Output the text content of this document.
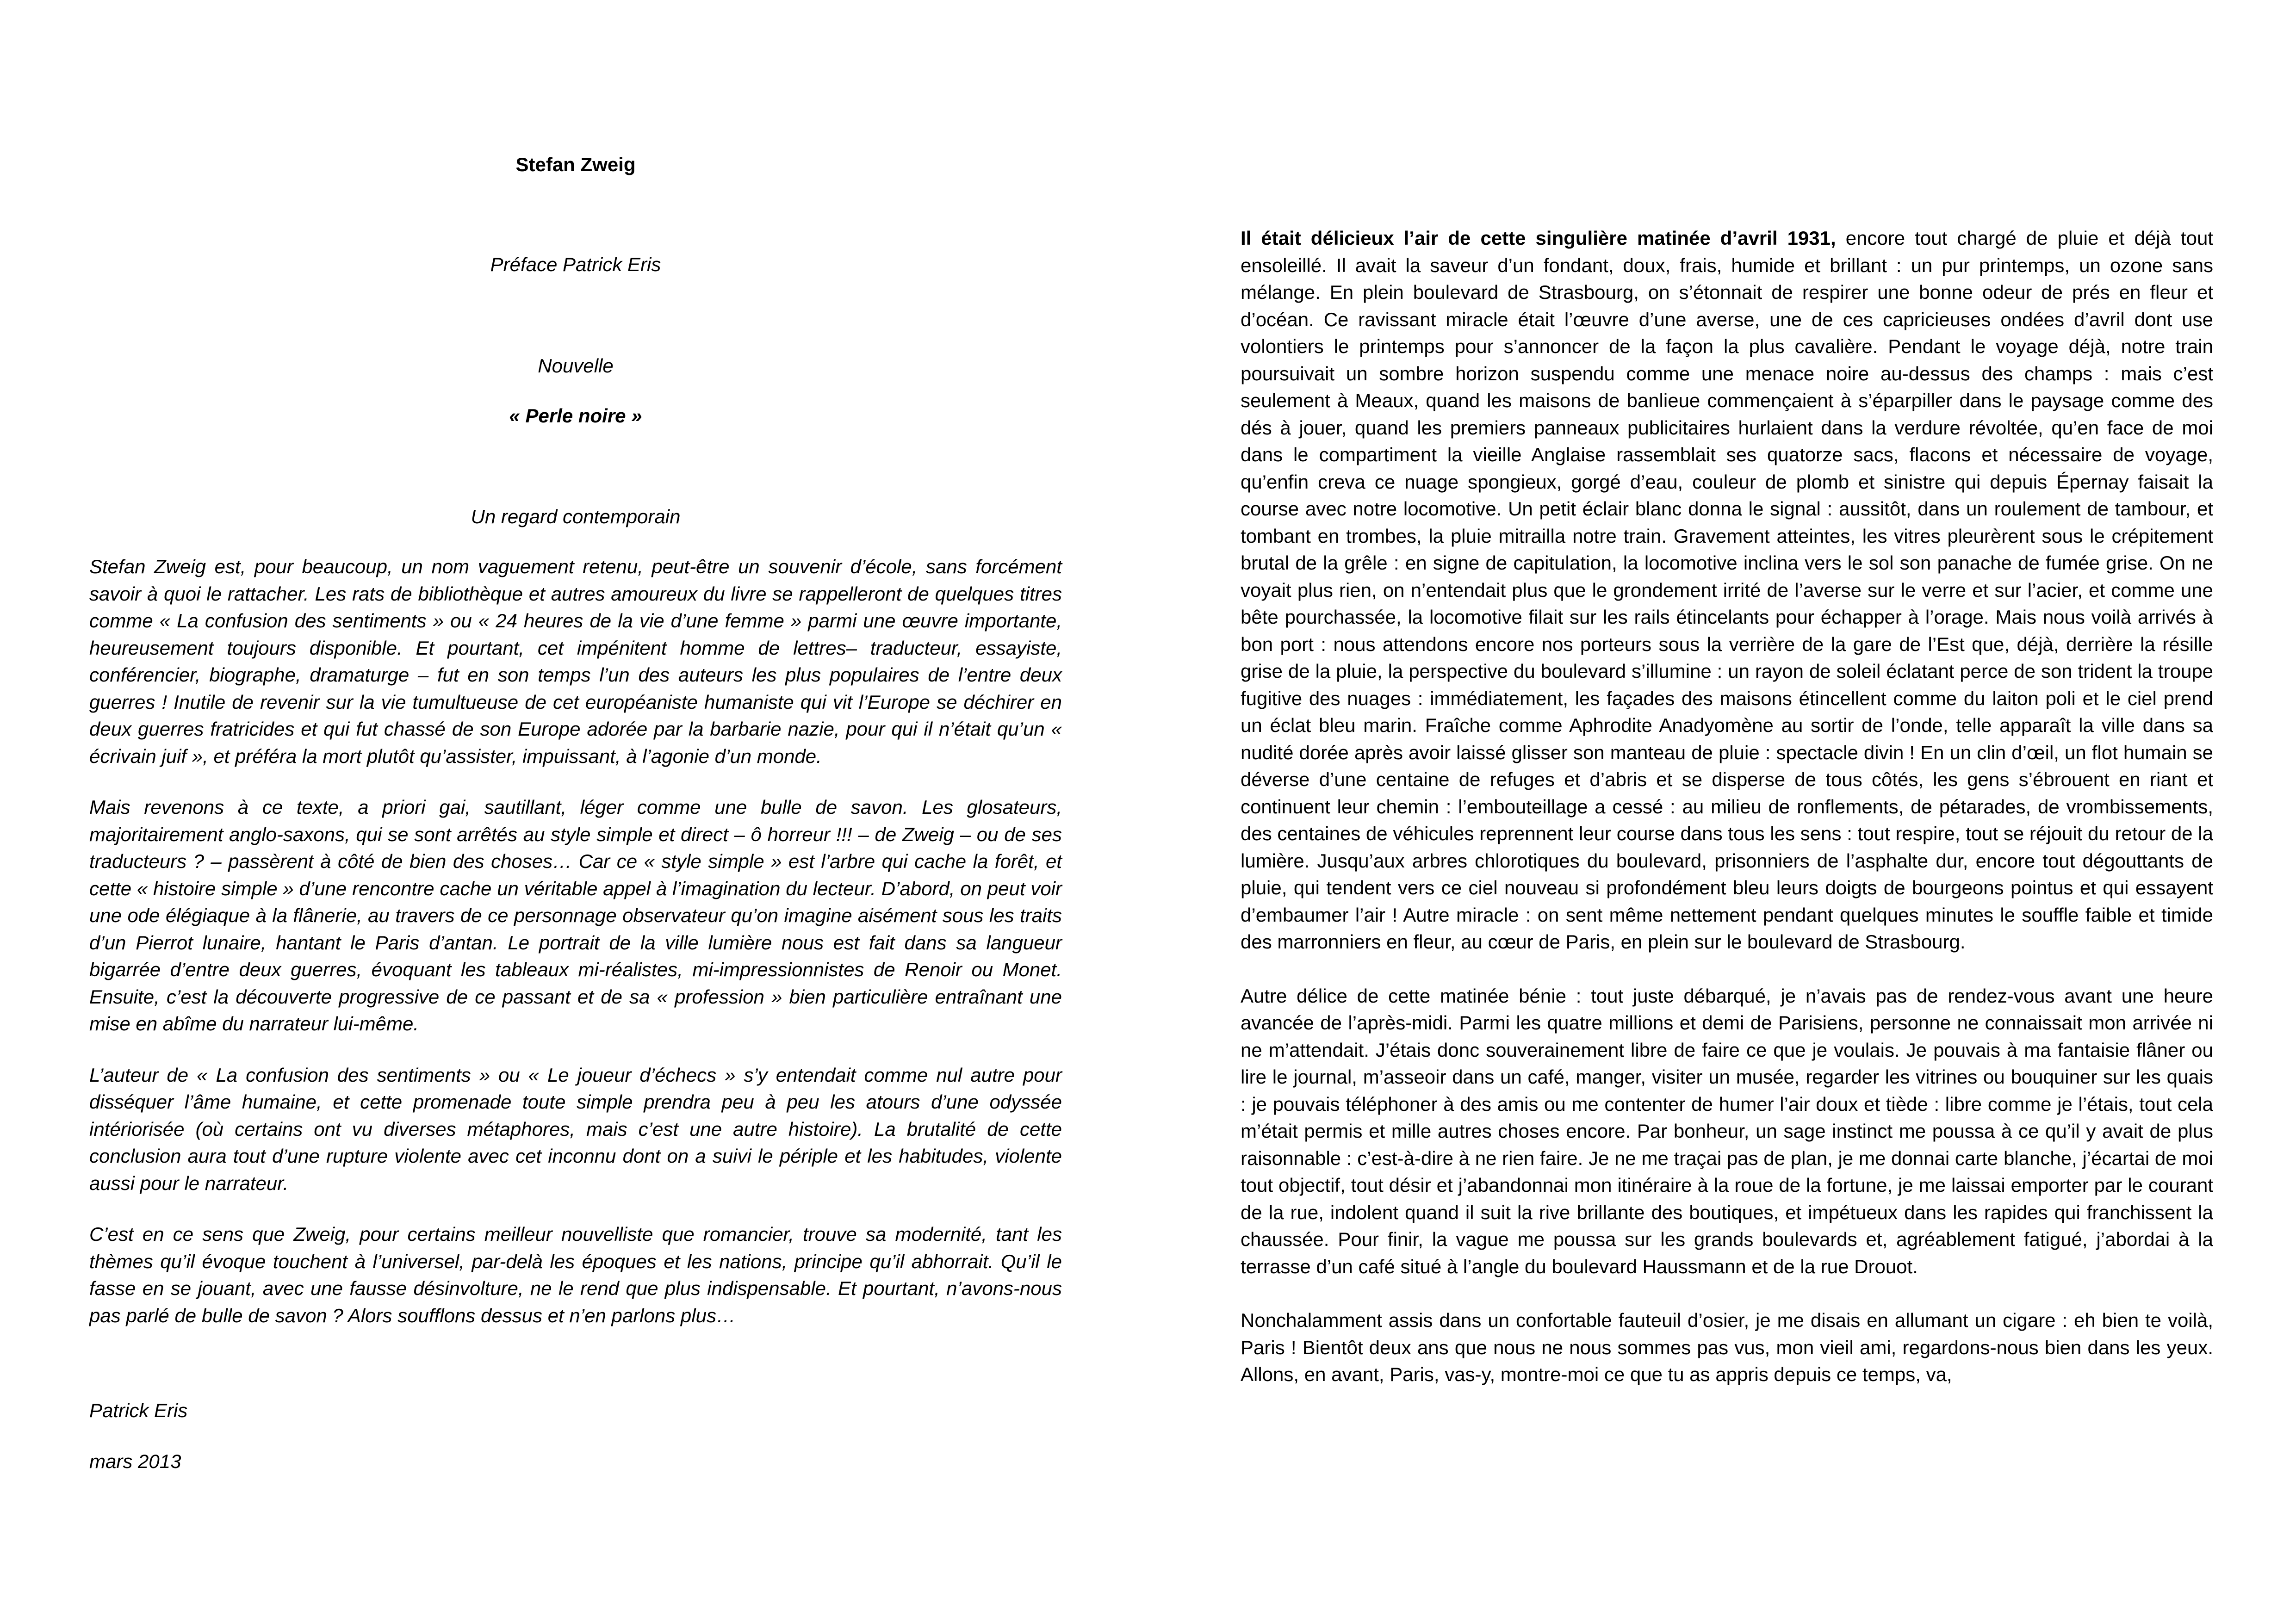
Stefan Zweig
Préface Patrick Eris
Nouvelle
« Perle noire »
Un regard contemporain

Stefan Zweig est, pour beaucoup, un nom vaguement retenu, peut-être un souvenir d’école, sans forcément savoir à quoi le rattacher. Les rats de bibliothèque et autres amoureux du livre se rappelleront de quelques titres comme « La confusion des sentiments » ou « 24 heures de la vie d’une femme » parmi une œuvre importante, heureusement toujours disponible. Et pourtant, cet impénitent homme de lettres– traducteur, essayiste, conférencier, biographe, dramaturge – fut en son temps l’un des auteurs les plus populaires de l’entre deux guerres ! Inutile de revenir sur la vie tumultueuse de cet européaniste humaniste qui vit l’Europe se déchirer en deux guerres fratricides et qui fut chassé de son Europe adorée par la barbarie nazie, pour qui il n’était qu’un « écrivain juif », et préféra la mort plutôt qu’assister, impuissant, à l’agonie d’un monde.

Mais revenons à ce texte, a priori gai, sautillant, léger comme une bulle de savon. Les glosateurs, majoritairement anglo-saxons, qui se sont arrêtés au style simple et direct – ô horreur !!! – de Zweig – ou de ses traducteurs ? – passèrent à côté de bien des choses… Car ce « style simple » est l’arbre qui cache la forêt, et cette « histoire simple » d’une rencontre cache un véritable appel à l’imagination du lecteur. D’abord, on peut voir une ode élégiaque à la flânerie, au travers de ce personnage observateur qu’on imagine aisément sous les traits d’un Pierrot lunaire, hantant le Paris d’antan. Le portrait de la ville lumière nous est fait dans sa langueur bigarrée d’entre deux guerres, évoquant les tableaux mi-réalistes, mi-impressionnistes de Renoir ou Monet. Ensuite, c’est la découverte progressive de ce passant et de sa « profession » bien particulière entraînant une mise en abîme du narrateur lui-même.

L’auteur de « La confusion des sentiments » ou « Le joueur d’échecs » s’y entendait comme nul autre pour disséquer l’âme humaine, et cette promenade toute simple prendra peu à peu les atours d’une odyssée intériorisée (où certains ont vu diverses métaphores, mais c’est une autre histoire). La brutalité de cette conclusion aura tout d’une rupture violente avec cet inconnu dont on a suivi le périple et les habitudes, violente aussi pour le narrateur.

C’est en ce sens que Zweig, pour certains meilleur nouvelliste que romancier, trouve sa modernité, tant les thèmes qu’il évoque touchent à l’universel, par-delà les époques et les nations, principe qu’il abhorrait. Qu’il le fasse en se jouant, avec une fausse désinvolture, ne le rend que plus indispensable. Et pourtant, n’avons-nous pas parlé de bulle de savon ? Alors soufflons dessus et n’en parlons plus…

Patrick Eris
mars 2013

Il était délicieux l’air de cette singulière matinée d’avril 1931, encore tout chargé de pluie et déjà tout ensoleillé. Il avait la saveur d’un fondant, doux, frais, humide et brillant : un pur printemps, un ozone sans mélange. En plein boulevard de Strasbourg, on s’étonnait de respirer une bonne odeur de prés en fleur et d’océan. Ce ravissant miracle était l’œuvre d’une averse, une de ces capricieuses ondées d’avril dont use volontiers le printemps pour s’annoncer de la façon la plus cavalière. Pendant le voyage déjà, notre train poursuivait un sombre horizon suspendu comme une menace noire au-dessus des champs : mais c’est seulement à Meaux, quand les maisons de banlieue commençaient à s’éparpiller dans le paysage comme des dés à jouer, quand les premiers panneaux publicitaires hurlaient dans la verdure révoltée, qu’en face de moi dans le compartiment la vieille Anglaise rassemblait ses quatorze sacs, flacons et nécessaire de voyage, qu’enfin creva ce nuage spongieux, gorgé d’eau, couleur de plomb et sinistre qui depuis Épernay faisait la course avec notre locomotive. Un petit éclair blanc donna le signal : aussitôt, dans un roulement de tambour, et tombant en trombes, la pluie mitrailla notre train. Gravement atteintes, les vitres pleurèrent sous le crépitement brutal de la grêle : en signe de capitulation, la locomotive inclina vers le sol son panache de fumée grise. On ne voyait plus rien, on n’entendait plus que le grondement irrité de l’averse sur le verre et sur l’acier, et comme une bête pourchassée, la locomotive filait sur les rails étincelants pour échapper à l’orage. Mais nous voilà arrivés à bon port : nous attendons encore nos porteurs sous la verrière de la gare de l’Est que, déjà, derrière la résille grise de la pluie, la perspective du boulevard s’illumine : un rayon de soleil éclatant perce de son trident la troupe fugitive des nuages : immédiatement, les façades des maisons étincellent comme du laiton poli et le ciel prend un éclat bleu marin. Fraîche comme Aphrodite Anadyomène au sortir de l’onde, telle apparaît la ville dans sa nudité dorée après avoir laissé glisser son manteau de pluie : spectacle divin ! En un clin d’œil, un flot humain se déverse d’une centaine de refuges et d’abris et se disperse de tous côtés, les gens s’ébrouent en riant et continuent leur chemin : l’embouteillage a cessé : au milieu de ronflements, de pétarades, de vrombissements, des centaines de véhicules reprennent leur course dans tous les sens : tout respire, tout se réjouit du retour de la lumière. Jusqu’aux arbres chlorotiques du boulevard, prisonniers de l’asphalte dur, encore tout dégouttants de pluie, qui tendent vers ce ciel nouveau si profondément bleu leurs doigts de bourgeons pointus et qui essayent d’embaumer l’air ! Autre miracle : on sent même nettement pendant quelques minutes le souffle faible et timide des marronniers en fleur, au cœur de Paris, en plein sur le boulevard de Strasbourg.

Autre délice de cette matinée bénie : tout juste débarqué, je n’avais pas de rendez-vous avant une heure avancée de l’après-midi. Parmi les quatre millions et demi de Parisiens, personne ne connaissait mon arrivée ni ne m’attendait. J’étais donc souverainement libre de faire ce que je voulais. Je pouvais à ma fantaisie flâner ou lire le journal, m’asseoir dans un café, manger, visiter un musée, regarder les vitrines ou bouquiner sur les quais : je pouvais téléphoner à des amis ou me contenter de humer l’air doux et tiède : libre comme je l’étais, tout cela m’était permis et mille autres choses encore. Par bonheur, un sage instinct me poussa à ce qu’il y avait de plus raisonnable : c’est-à-dire à ne rien faire. Je ne me traçai pas de plan, je me donnai carte blanche, j’écartai de moi tout objectif, tout désir et j’abandonnai mon itinéraire à la roue de la fortune, je me laissai emporter par le courant de la rue, indolent quand il suit la rive brillante des boutiques, et impétueux dans les rapides qui franchissent la chaussée. Pour finir, la vague me poussa sur les grands boulevards et, agréablement fatigué, j’abordai à la terrasse d’un café situé à l’angle du boulevard Haussmann et de la rue Drouot.

Nonchalamment assis dans un confortable fauteuil d’osier, je me disais en allumant un cigare : eh bien te voilà, Paris ! Bientôt deux ans que nous ne nous sommes pas vus, mon vieil ami, regardons-nous bien dans les yeux. Allons, en avant, Paris, vas-y, montre-moi ce que tu as appris depuis ce temps, va,
